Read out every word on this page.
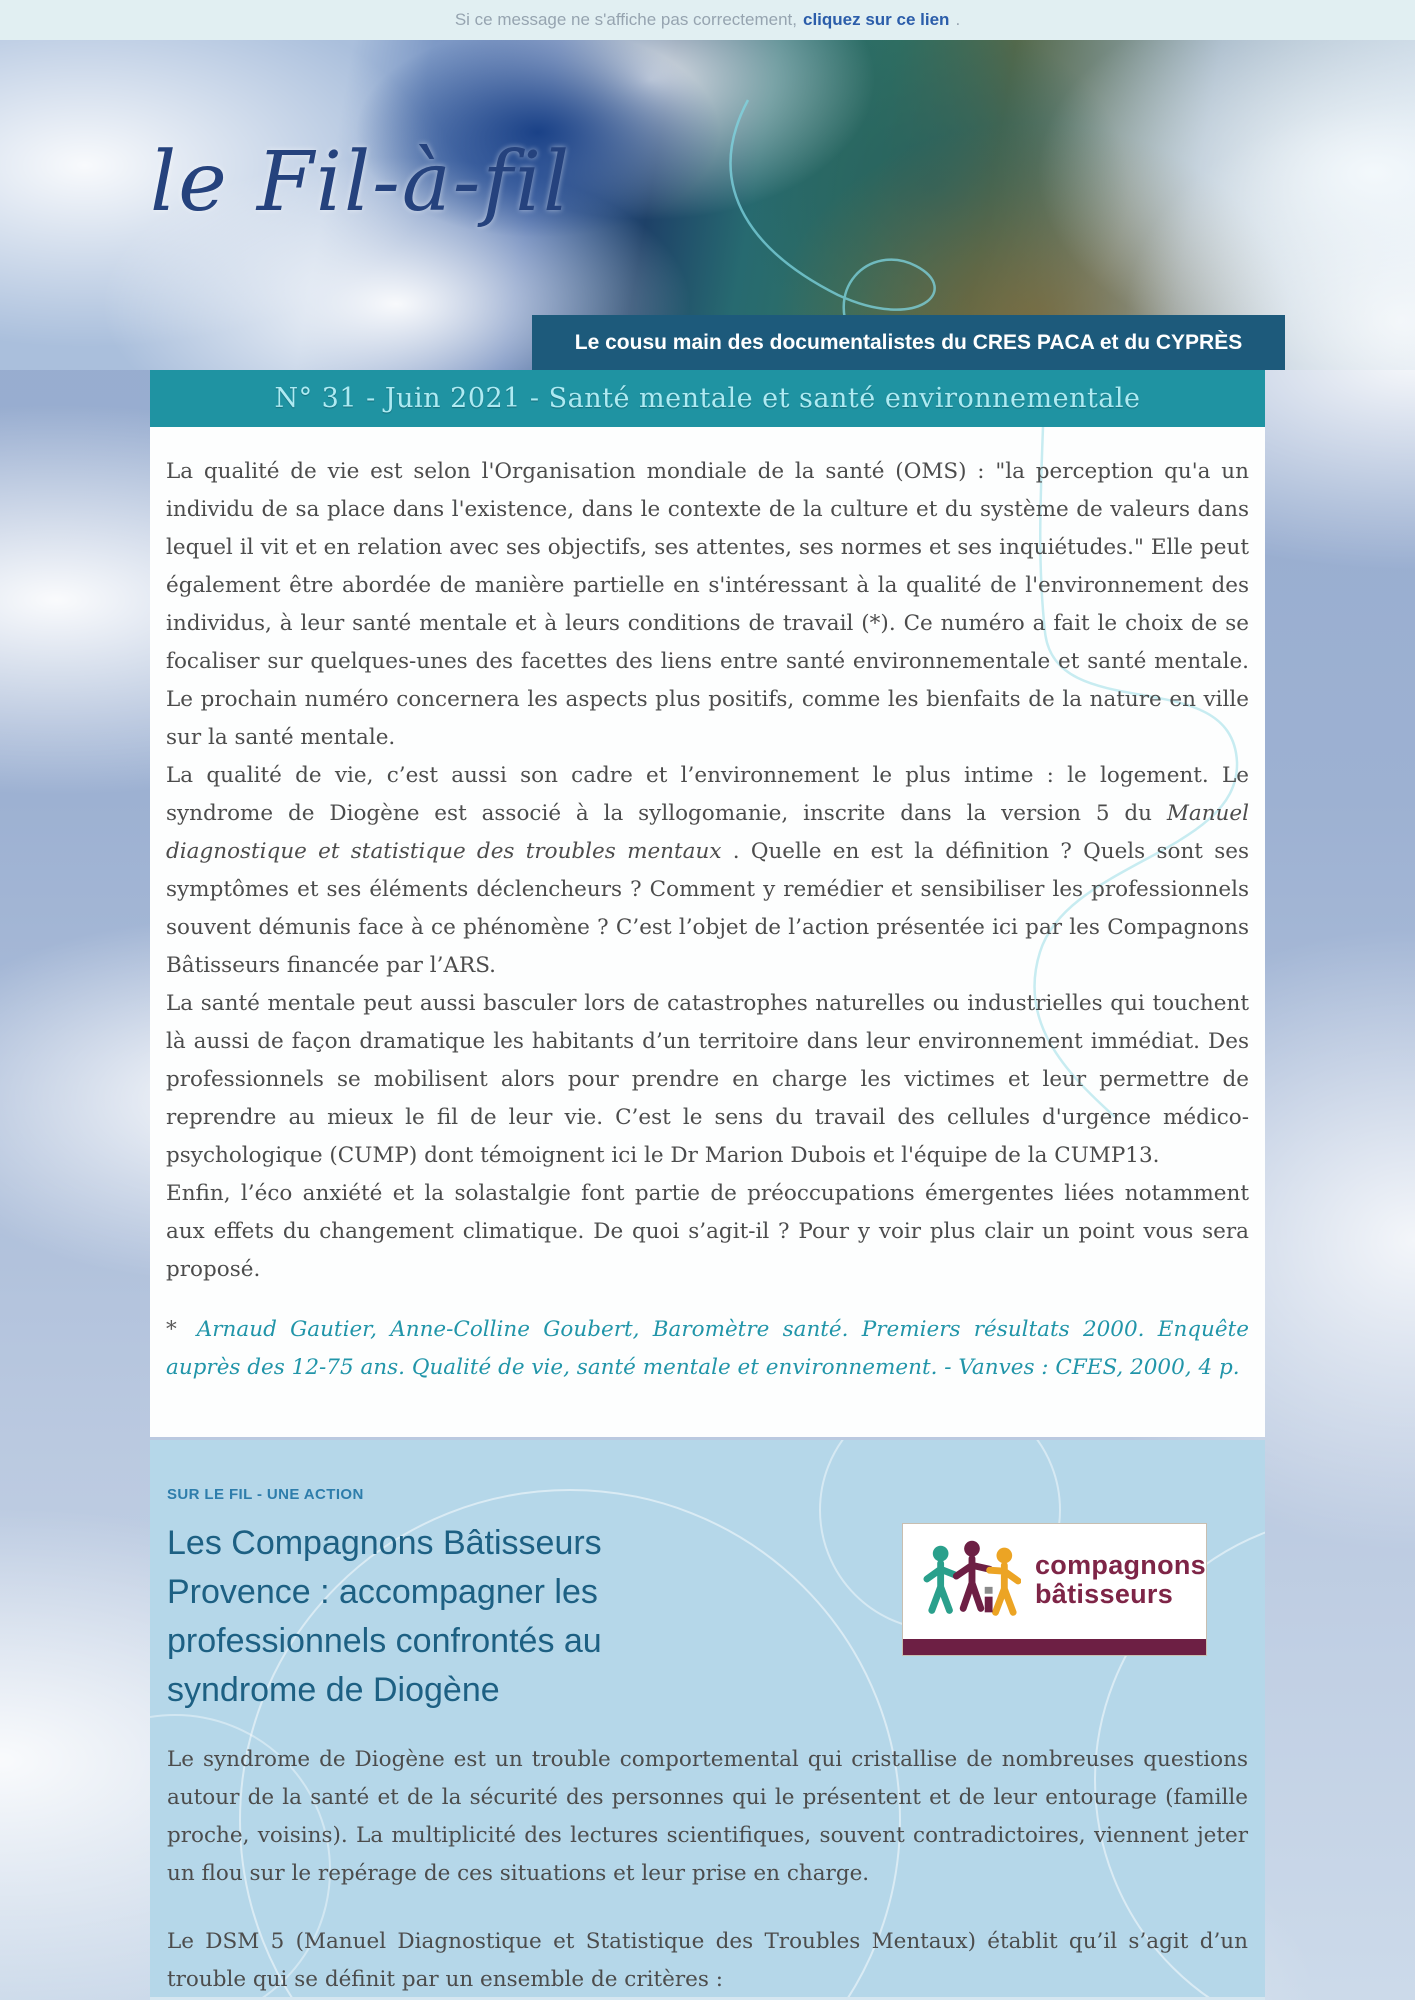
Si ce message ne s'affiche pas correctement, cliquez sur ce lien .
le Fil-à-fil
Le cousu main des documentalistes du CRES PACA et du CYPRÈS
N° 31 - Juin 2021 - Santé mentale et santé environnementale

La qualité de vie est selon l'Organisation mondiale de la santé (OMS) : "la perception qu'a un individu de sa place dans l'existence, dans le contexte de la culture et du système de valeurs dans lequel il vit et en relation avec ses objectifs, ses attentes, ses normes et ses inquiétudes." Elle peut également être abordée de manière partielle en s'intéressant à la qualité de l'environnement des individus, à leur santé mentale et à leurs conditions de travail (*). Ce numéro a fait le choix de se focaliser sur quelques-unes des facettes des liens entre santé environnementale et santé mentale. Le prochain numéro concernera les aspects plus positifs, comme les bienfaits de la nature en ville sur la santé mentale.

La qualité de vie, c’est aussi son cadre et l’environnement le plus intime : le logement. Le syndrome de Diogène est associé à la syllogomanie, inscrite dans la version 5 du Manuel diagnostique et statistique des troubles mentaux . Quelle en est la définition ? Quels sont ses symptômes et ses éléments déclencheurs ? Comment y remédier et sensibiliser les professionnels souvent démunis face à ce phénomène ? C’est l’objet de l’action présentée ici par les Compagnons Bâtisseurs financée par l’ARS.

La santé mentale peut aussi basculer lors de catastrophes naturelles ou industrielles qui touchent là aussi de façon dramatique les habitants d’un territoire dans leur environnement immédiat. Des professionnels se mobilisent alors pour prendre en charge les victimes et leur permettre de reprendre au mieux le fil de leur vie. C’est le sens du travail des cellules d'urgence médico-psychologique (CUMP) dont témoignent ici le Dr Marion Dubois et l'équipe de la CUMP13.

Enfin, l’éco anxiété et la solastalgie font partie de préoccupations émergentes liées notamment aux effets du changement climatique. De quoi s’agit-il ? Pour y voir plus clair un point vous sera proposé.

* Arnaud Gautier, Anne-Colline Goubert, Baromètre santé. Premiers résultats 2000. Enquête auprès des 12-75 ans. Qualité de vie, santé mentale et environnement. - Vanves : CFES, 2000, 4 p.

SUR LE FIL - UNE ACTION
Les Compagnons Bâtisseurs Provence : accompagner les professionnels confrontés au syndrome de Diogène
compagnons
bâtisseurs

Le syndrome de Diogène est un trouble comportemental qui cristallise de nombreuses questions autour de la santé et de la sécurité des personnes qui le présentent et de leur entourage (famille proche, voisins). La multiplicité des lectures scientifiques, souvent contradictoires, viennent jeter un flou sur le repérage de ces situations et leur prise en charge.

Le DSM 5 (Manuel Diagnostique et Statistique des Troubles Mentaux) établit qu’il s’agit d’un trouble qui se définit par un ensemble de critères :
